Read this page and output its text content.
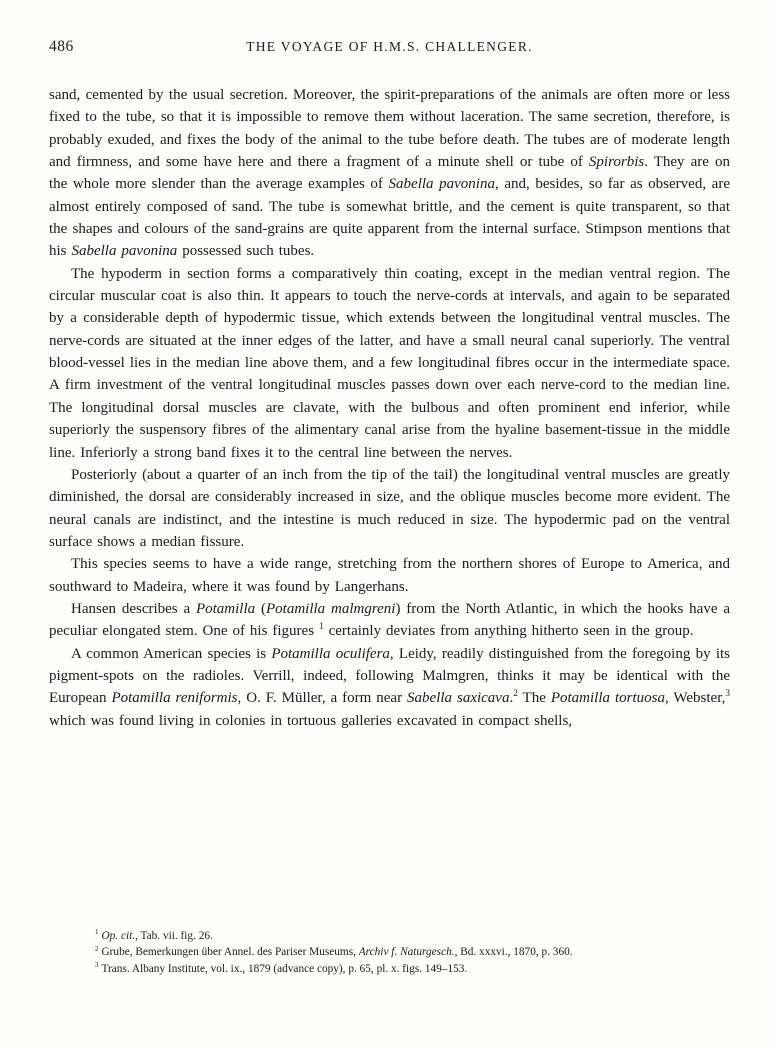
486	THE VOYAGE OF H.M.S. CHALLENGER.

sand, cemented by the usual secretion. Moreover, the spirit-preparations of the animals are often more or less fixed to the tube, so that it is impossible to remove them without laceration. The same secretion, therefore, is probably exuded, and fixes the body of the animal to the tube before death. The tubes are of moderate length and firmness, and some have here and there a fragment of a minute shell or tube of Spirorbis. They are on the whole more slender than the average examples of Sabella pavonina, and, besides, so far as observed, are almost entirely composed of sand. The tube is somewhat brittle, and the cement is quite transparent, so that the shapes and colours of the sand-grains are quite apparent from the internal surface. Stimpson mentions that his Sabella pavonina possessed such tubes.

The hypoderm in section forms a comparatively thin coating, except in the median ventral region. The circular muscular coat is also thin. It appears to touch the nerve-cords at intervals, and again to be separated by a considerable depth of hypodermic tissue, which extends between the longitudinal ventral muscles. The nerve-cords are situated at the inner edges of the latter, and have a small neural canal superiorly. The ventral blood-vessel lies in the median line above them, and a few longitudinal fibres occur in the intermediate space. A firm investment of the ventral longitudinal muscles passes down over each nerve-cord to the median line. The longitudinal dorsal muscles are clavate, with the bulbous and often prominent end inferior, while superiorly the suspensory fibres of the alimentary canal arise from the hyaline basement-tissue in the middle line. Inferiorly a strong band fixes it to the central line between the nerves.

Posteriorly (about a quarter of an inch from the tip of the tail) the longitudinal ventral muscles are greatly diminished, the dorsal are considerably increased in size, and the oblique muscles become more evident. The neural canals are indistinct, and the intestine is much reduced in size. The hypodermic pad on the ventral surface shows a median fissure.

This species seems to have a wide range, stretching from the northern shores of Europe to America, and southward to Madeira, where it was found by Langerhans.

Hansen describes a Potamilla (Potamilla malmgreni) from the North Atlantic, in which the hooks have a peculiar elongated stem. One of his figures $^1$ certainly deviates from anything hitherto seen in the group.

A common American species is Potamilla oculifera, Leidy, readily distinguished from the foregoing by its pigment-spots on the radioles. Verrill, indeed, following Malmgren, thinks it may be identical with the European Potamilla reniformis, O. F. Müller, a form near Sabella saxicava.$^2$ The Potamilla tortuosa, Webster,$^3$ which was found living in colonies in tortuous galleries excavated in compact shells,

$^1$ Op. cit., Tab. vii. fig. 26.
$^2$ Grube, Bemerkungen über Annel. des Pariser Museums, Archiv f. Naturgesch., Bd. xxxvi., 1870, p. 360.
$^3$ Trans. Albany Institute, vol. ix., 1879 (advance copy), p. 65, pl. x. figs. 149–153.
